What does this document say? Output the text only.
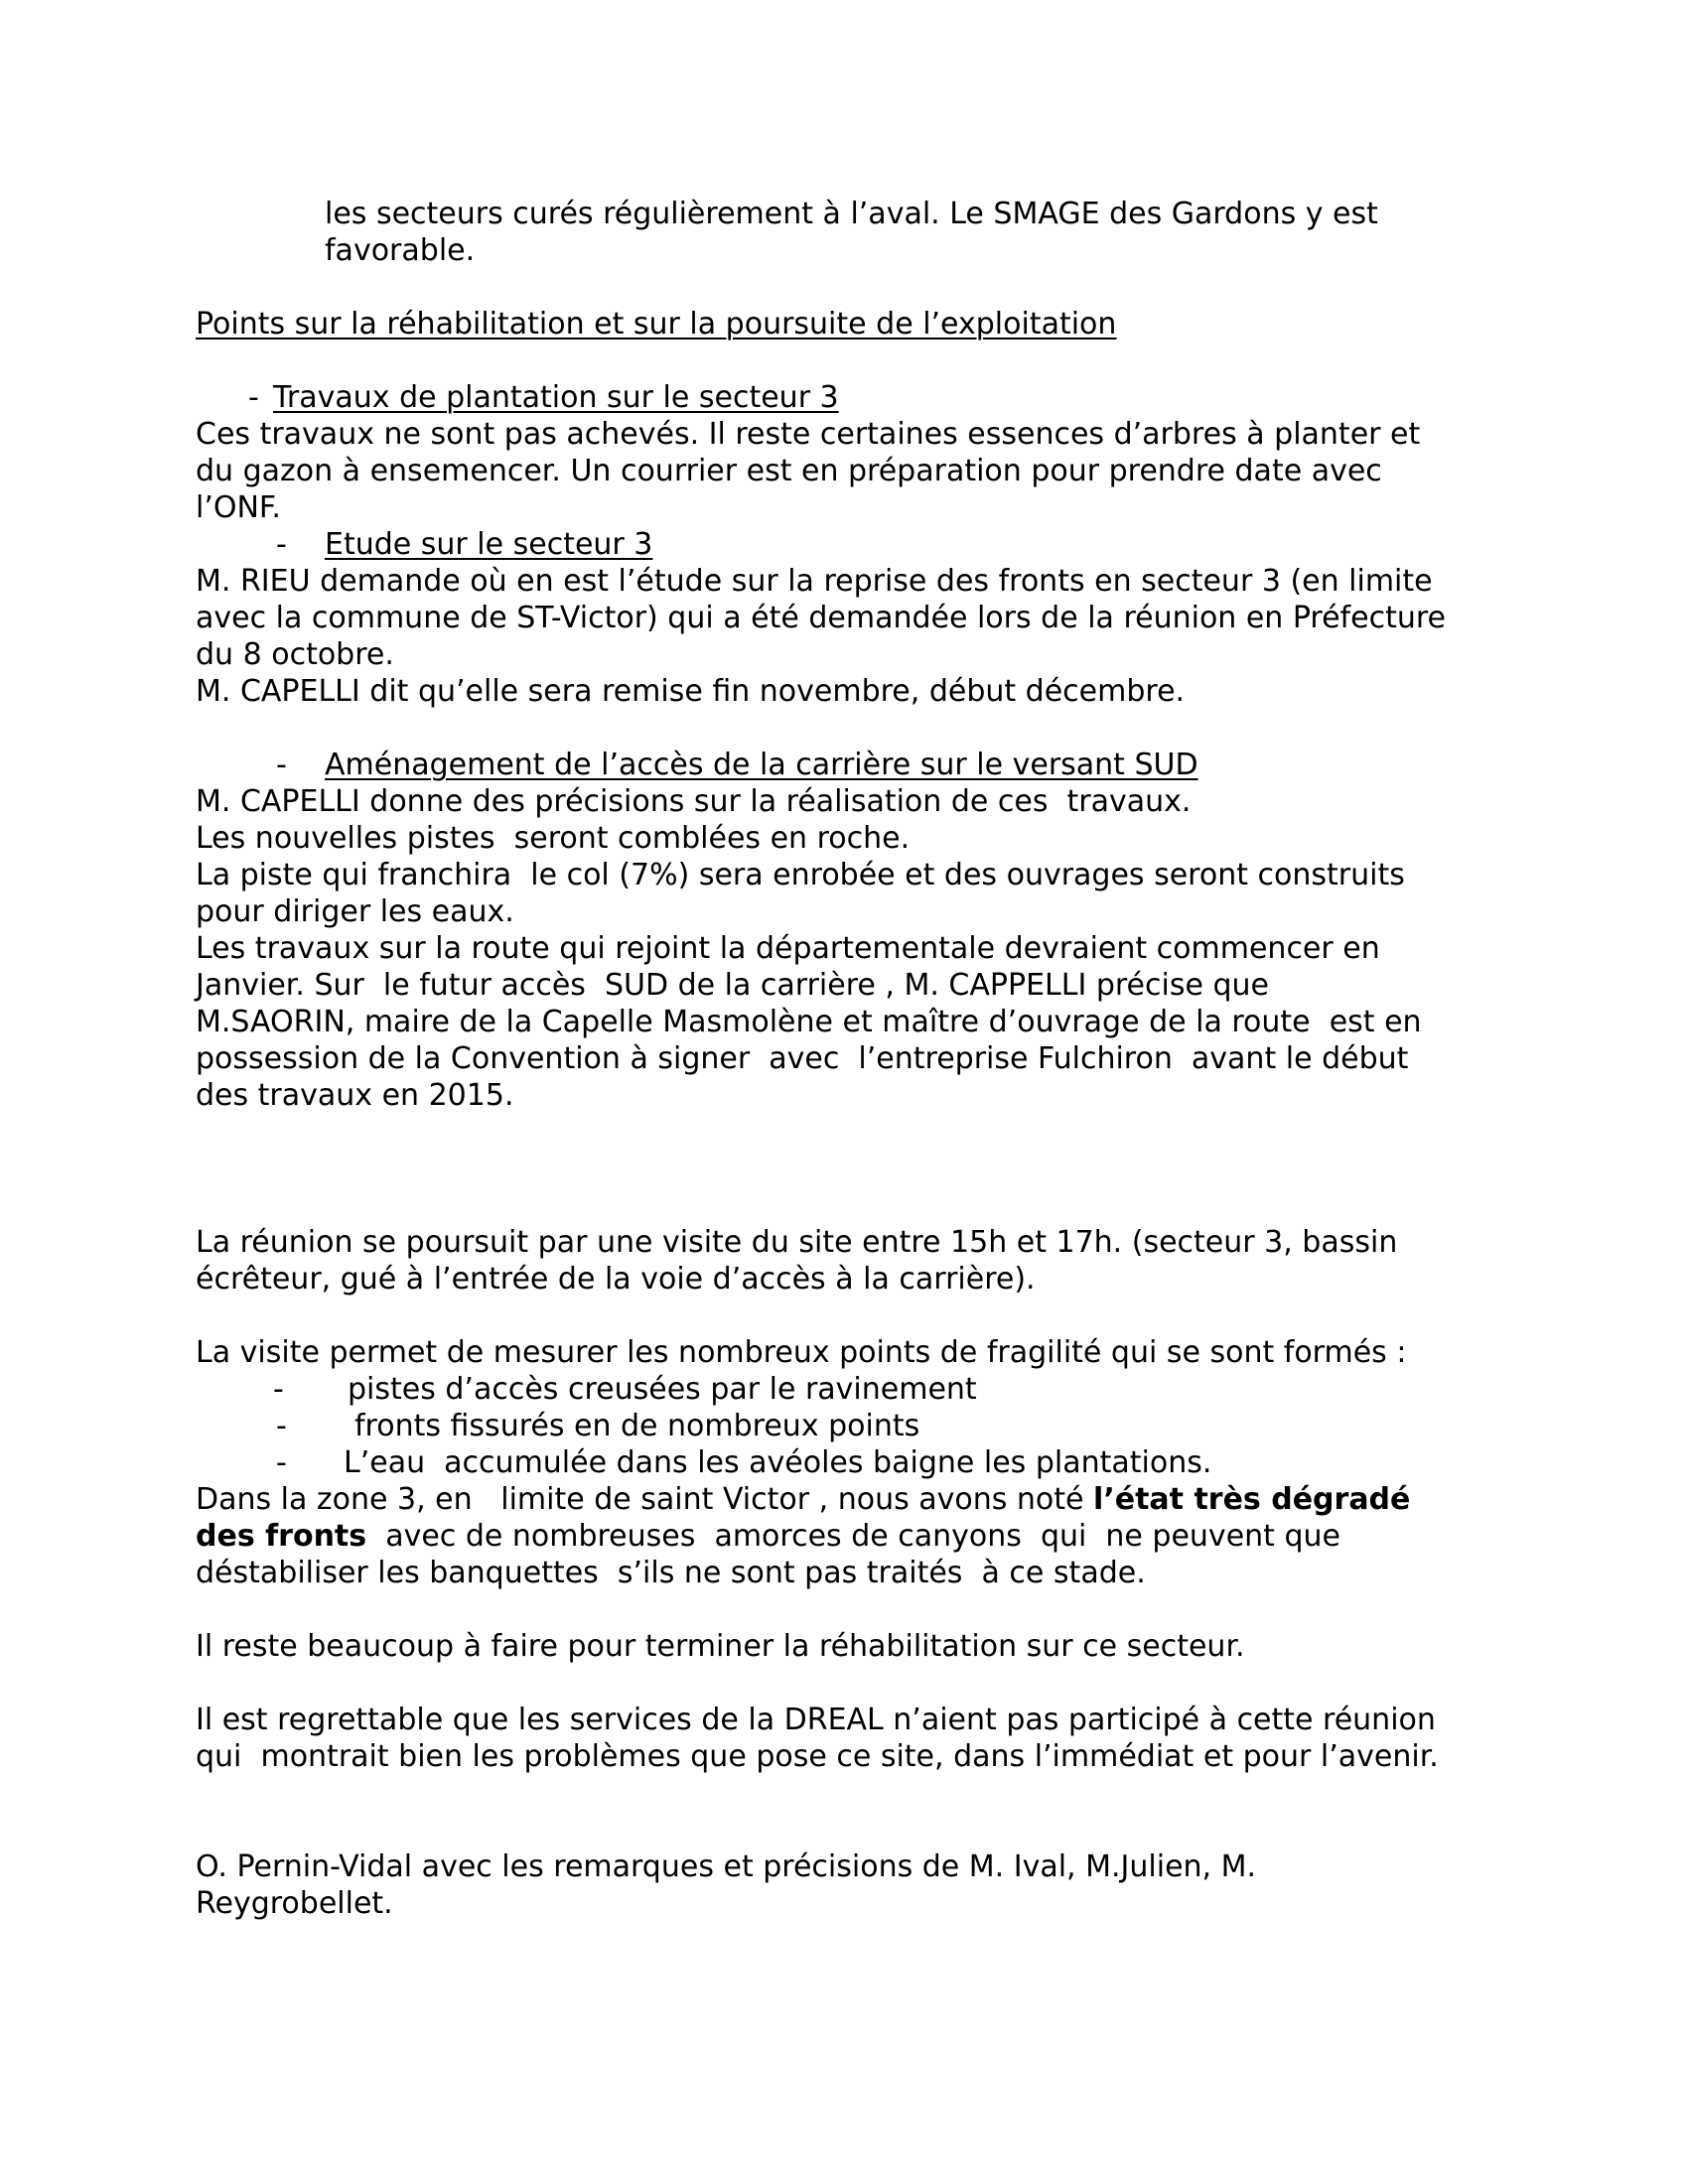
les secteurs curés régulièrement à l’aval. Le SMAGE des Gardons y est
favorable.
Points sur la réhabilitation et sur la poursuite de l’exploitation
- Travaux de plantation sur le secteur 3
Ces travaux ne sont pas achevés. Il reste certaines essences d’arbres à planter et
du gazon à ensemencer. Un courrier est en préparation pour prendre date avec
l’ONF.
- Etude sur le secteur 3
M. RIEU demande où en est l’étude sur la reprise des fronts en secteur 3 (en limite
avec la commune de ST-Victor) qui a été demandée lors de la réunion en Préfecture
du 8 octobre.
M. CAPELLI dit qu’elle sera remise fin novembre, début décembre.
- Aménagement de l’accès de la carrière sur le versant SUD
M. CAPELLI donne des précisions sur la réalisation de ces  travaux.
Les nouvelles pistes  seront comblées en roche.
La piste qui franchira  le col (7%) sera enrobée et des ouvrages seront construits
pour diriger les eaux.
Les travaux sur la route qui rejoint la départementale devraient commencer en
Janvier. Sur  le futur accès  SUD de la carrière , M. CAPPELLI précise que
M.SAORIN, maire de la Capelle Masmolène et maître d’ouvrage de la route  est en
possession de la Convention à signer  avec  l’entreprise Fulchiron  avant le début
des travaux en 2015.
La réunion se poursuit par une visite du site entre 15h et 17h. (secteur 3, bassin
écrêteur, gué à l’entrée de la voie d’accès à la carrière).
La visite permet de mesurer les nombreux points de fragilité qui se sont formés :
- pistes d’accès creusées par le ravinement
- fronts fissurés en de nombreux points
- L’eau  accumulée dans les avéoles baigne les plantations.
Dans la zone 3, en   limite de saint Victor , nous avons noté l’état très dégradé
des fronts  avec de nombreuses  amorces de canyons  qui  ne peuvent que
déstabiliser les banquettes  s’ils ne sont pas traités  à ce stade.
Il reste beaucoup à faire pour terminer la réhabilitation sur ce secteur.
Il est regrettable que les services de la DREAL n’aient pas participé à cette réunion
qui  montrait bien les problèmes que pose ce site, dans l’immédiat et pour l’avenir.
O. Pernin-Vidal avec les remarques et précisions de M. Ival, M.Julien, M.
Reygrobellet.
